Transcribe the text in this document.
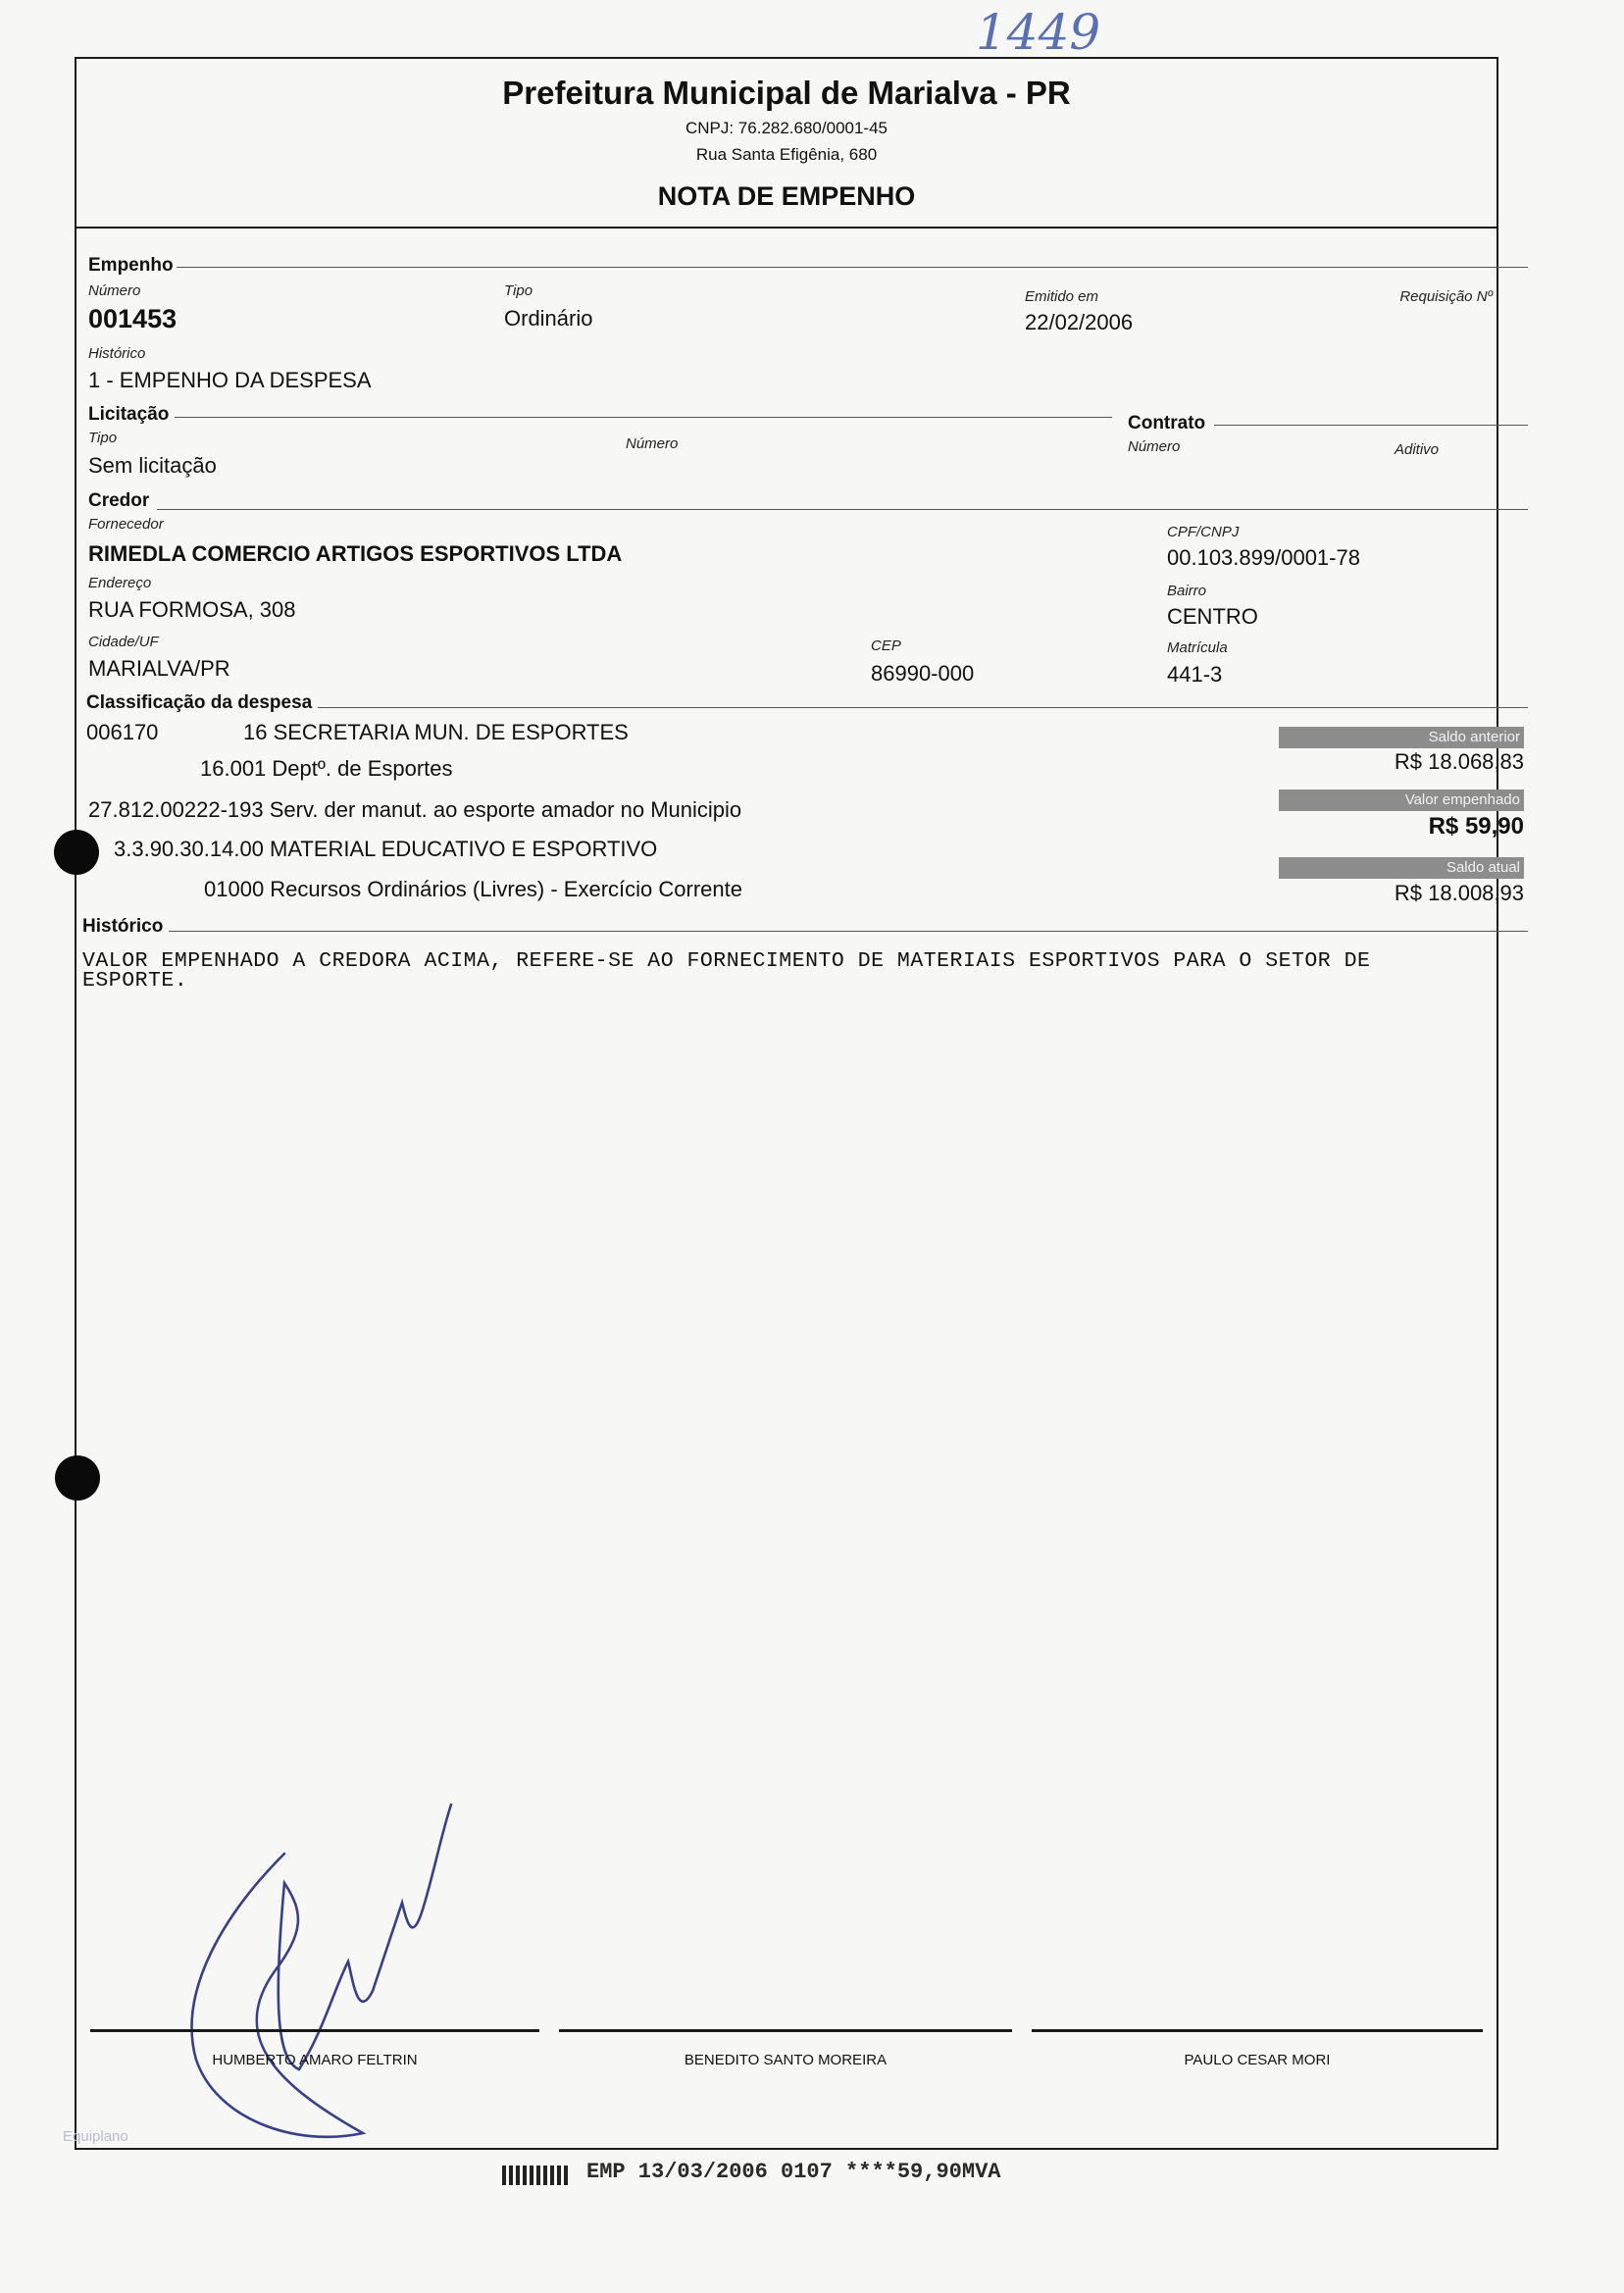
1449
Prefeitura Municipal de Marialva - PR
CNPJ: 76.282.680/0001-45
Rua Santa Efigênia, 680
NOTA DE EMPENHO
Empenho
Número
001453
Tipo
Ordinário
Emitido em
22/02/2006
Requisição Nº
Histórico
1 - EMPENHO DA DESPESA
Licitação
Tipo
Sem licitação
Número
Contrato
Número	Aditivo
Credor
Fornecedor
RIMEDLA COMERCIO ARTIGOS ESPORTIVOS LTDA
CPF/CNPJ
00.103.899/0001-78
Endereço
RUA FORMOSA, 308
Bairro
CENTRO
Cidade/UF
MARIALVA/PR
CEP
86990-000
Matrícula
441-3
Classificação da despesa
006170	16 SECRETARIA MUN. DE ESPORTES
16.001 Deptº. de Esportes
27.812.00222-193 Serv. der manut. ao esporte amador no Municipio
3.3.90.30.14.00 MATERIAL EDUCATIVO E ESPORTIVO
01000 Recursos Ordinários (Livres) - Exercício Corrente
Saldo anterior
R$ 18.068,83
Valor empenhado
R$ 59,90
Saldo atual
R$ 18.008,93
Histórico
VALOR EMPENHADO A CREDORA ACIMA, REFERE-SE AO FORNECIMENTO DE MATERIAIS ESPORTIVOS PARA O SETOR DE
ESPORTE.
HUMBERTO AMARO FELTRIN	BENEDITO SANTO MOREIRA	PAULO CESAR MORI
Equiplano
EMP 13/03/2006 0107 ****59,90MVA
